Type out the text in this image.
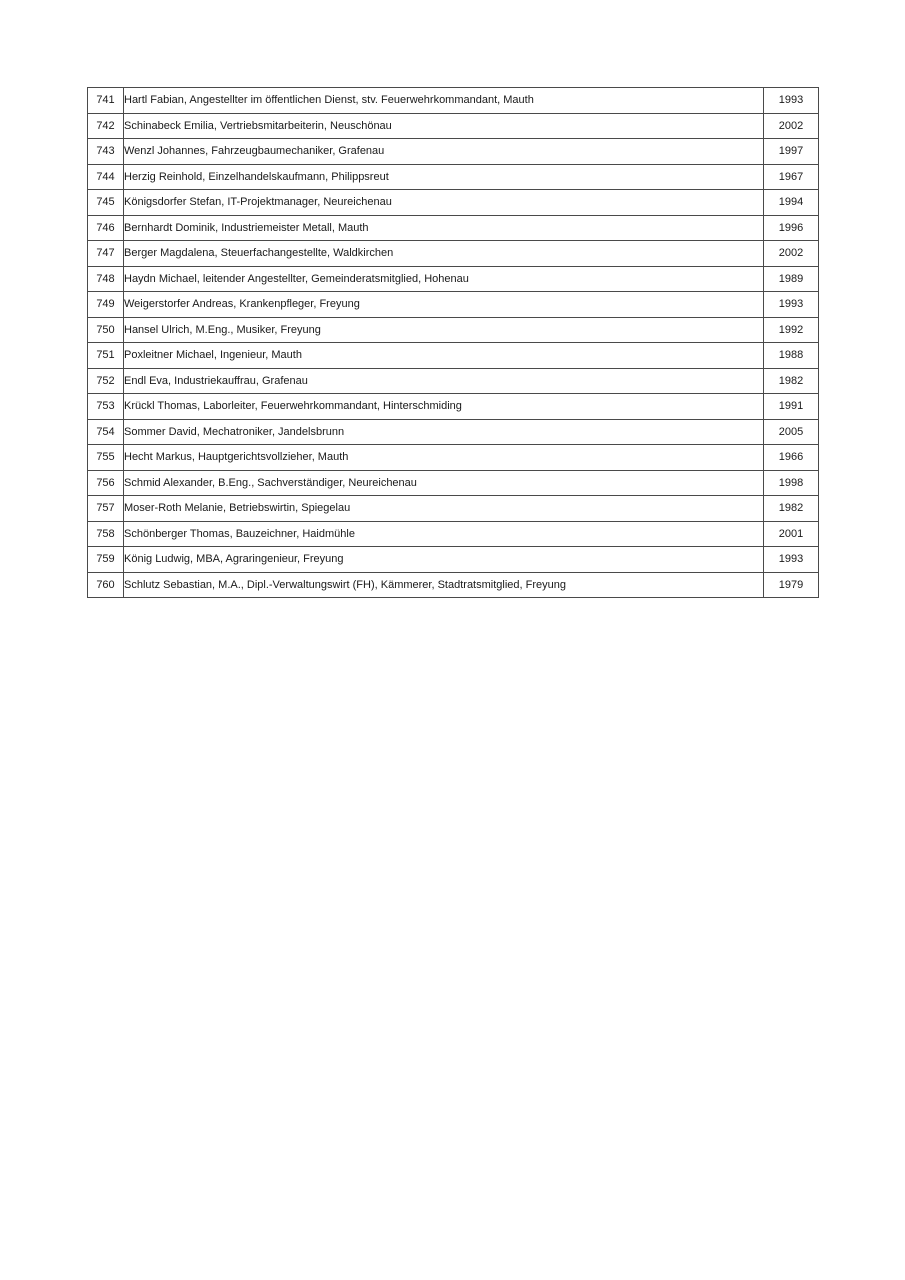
741	Hartl Fabian, Angestellter im öffentlichen Dienst, stv. Feuerwehrkommandant, Mauth	1993
742	Schinabeck Emilia, Vertriebsmitarbeiterin, Neuschönau	2002
743	Wenzl Johannes, Fahrzeugbaumechaniker, Grafenau	1997
744	Herzig Reinhold, Einzelhandelskaufmann, Philippsreut	1967
745	Königsdorfer Stefan, IT-Projektmanager, Neureichenau	1994
746	Bernhardt Dominik, Industriemeister Metall, Mauth	1996
747	Berger Magdalena, Steuerfachangestellte, Waldkirchen	2002
748	Haydn Michael, leitender Angestellter, Gemeinderatsmitglied, Hohenau	1989
749	Weigerstorfer Andreas, Krankenpfleger, Freyung	1993
750	Hansel Ulrich, M.Eng., Musiker, Freyung	1992
751	Poxleitner Michael, Ingenieur, Mauth	1988
752	Endl Eva, Industriekauffrau, Grafenau	1982
753	Krückl Thomas, Laborleiter, Feuerwehrkommandant, Hinterschmiding	1991
754	Sommer David, Mechatroniker, Jandelsbrunn	2005
755	Hecht Markus, Hauptgerichtsvollzieher, Mauth	1966
756	Schmid Alexander, B.Eng., Sachverständiger, Neureichenau	1998
757	Moser-Roth Melanie, Betriebswirtin, Spiegelau	1982
758	Schönberger Thomas, Bauzeichner, Haidmühle	2001
759	König Ludwig, MBA, Agraringenieur, Freyung	1993
760	Schlutz Sebastian, M.A., Dipl.-Verwaltungswirt (FH), Kämmerer, Stadtratsmitglied, Freyung	1979
